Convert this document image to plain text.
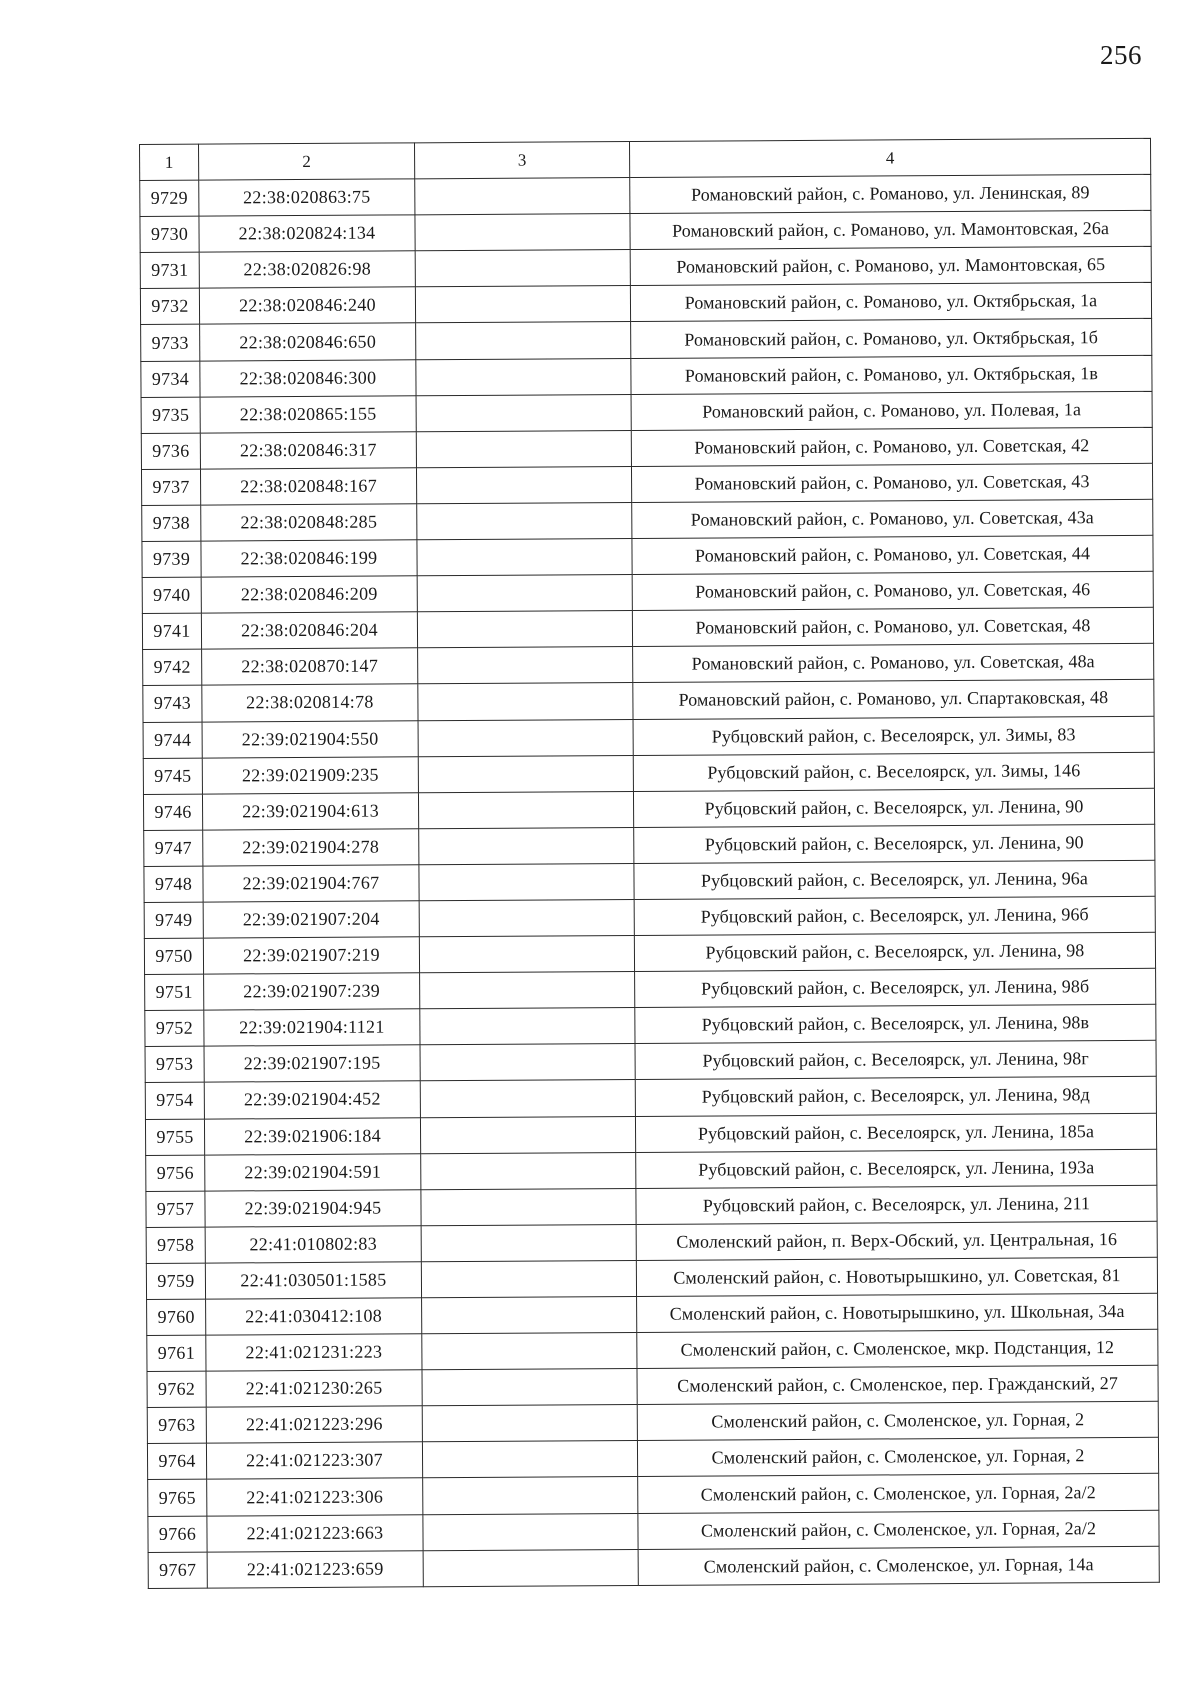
256
1	2	3	4
9729	22:38:020863:75		Романовский район, с. Романово, ул. Ленинская, 89
9730	22:38:020824:134		Романовский район, с. Романово, ул. Мамонтовская, 26а
9731	22:38:020826:98		Романовский район, с. Романово, ул. Мамонтовская, 65
9732	22:38:020846:240		Романовский район, с. Романово, ул. Октябрьская, 1а
9733	22:38:020846:650		Романовский район, с. Романово, ул. Октябрьская, 1б
9734	22:38:020846:300		Романовский район, с. Романово, ул. Октябрьская, 1в
9735	22:38:020865:155		Романовский район, с. Романово, ул. Полевая, 1а
9736	22:38:020846:317		Романовский район, с. Романово, ул. Советская, 42
9737	22:38:020848:167		Романовский район, с. Романово, ул. Советская, 43
9738	22:38:020848:285		Романовский район, с. Романово, ул. Советская, 43а
9739	22:38:020846:199		Романовский район, с. Романово, ул. Советская, 44
9740	22:38:020846:209		Романовский район, с. Романово, ул. Советская, 46
9741	22:38:020846:204		Романовский район, с. Романово, ул. Советская, 48
9742	22:38:020870:147		Романовский район, с. Романово, ул. Советская, 48а
9743	22:38:020814:78		Романовский район, с. Романово, ул. Спартаковская, 48
9744	22:39:021904:550		Рубцовский район, с. Веселоярск, ул. Зимы, 83
9745	22:39:021909:235		Рубцовский район, с. Веселоярск, ул. Зимы, 146
9746	22:39:021904:613		Рубцовский район, с. Веселоярск, ул. Ленина, 90
9747	22:39:021904:278		Рубцовский район, с. Веселоярск, ул. Ленина, 90
9748	22:39:021904:767		Рубцовский район, с. Веселоярск, ул. Ленина, 96а
9749	22:39:021907:204		Рубцовский район, с. Веселоярск, ул. Ленина, 96б
9750	22:39:021907:219		Рубцовский район, с. Веселоярск, ул. Ленина, 98
9751	22:39:021907:239		Рубцовский район, с. Веселоярск, ул. Ленина, 98б
9752	22:39:021904:1121		Рубцовский район, с. Веселоярск, ул. Ленина, 98в
9753	22:39:021907:195		Рубцовский район, с. Веселоярск, ул. Ленина, 98г
9754	22:39:021904:452		Рубцовский район, с. Веселоярск, ул. Ленина, 98д
9755	22:39:021906:184		Рубцовский район, с. Веселоярск, ул. Ленина, 185а
9756	22:39:021904:591		Рубцовский район, с. Веселоярск, ул. Ленина, 193а
9757	22:39:021904:945		Рубцовский район, с. Веселоярск, ул. Ленина, 211
9758	22:41:010802:83		Смоленский район, п. Верх-Обский, ул. Центральная, 16
9759	22:41:030501:1585		Смоленский район, с. Новотырышкино, ул. Советская, 81
9760	22:41:030412:108		Смоленский район, с. Новотырышкино, ул. Школьная, 34а
9761	22:41:021231:223		Смоленский район, с. Смоленское, мкр. Подстанция, 12
9762	22:41:021230:265		Смоленский район, с. Смоленское, пер. Гражданский, 27
9763	22:41:021223:296		Смоленский район, с. Смоленское, ул. Горная, 2
9764	22:41:021223:307		Смоленский район, с. Смоленское, ул. Горная, 2
9765	22:41:021223:306		Смоленский район, с. Смоленское, ул. Горная, 2а/2
9766	22:41:021223:663		Смоленский район, с. Смоленское, ул. Горная, 2а/2
9767	22:41:021223:659		Смоленский район, с. Смоленское, ул. Горная, 14а
